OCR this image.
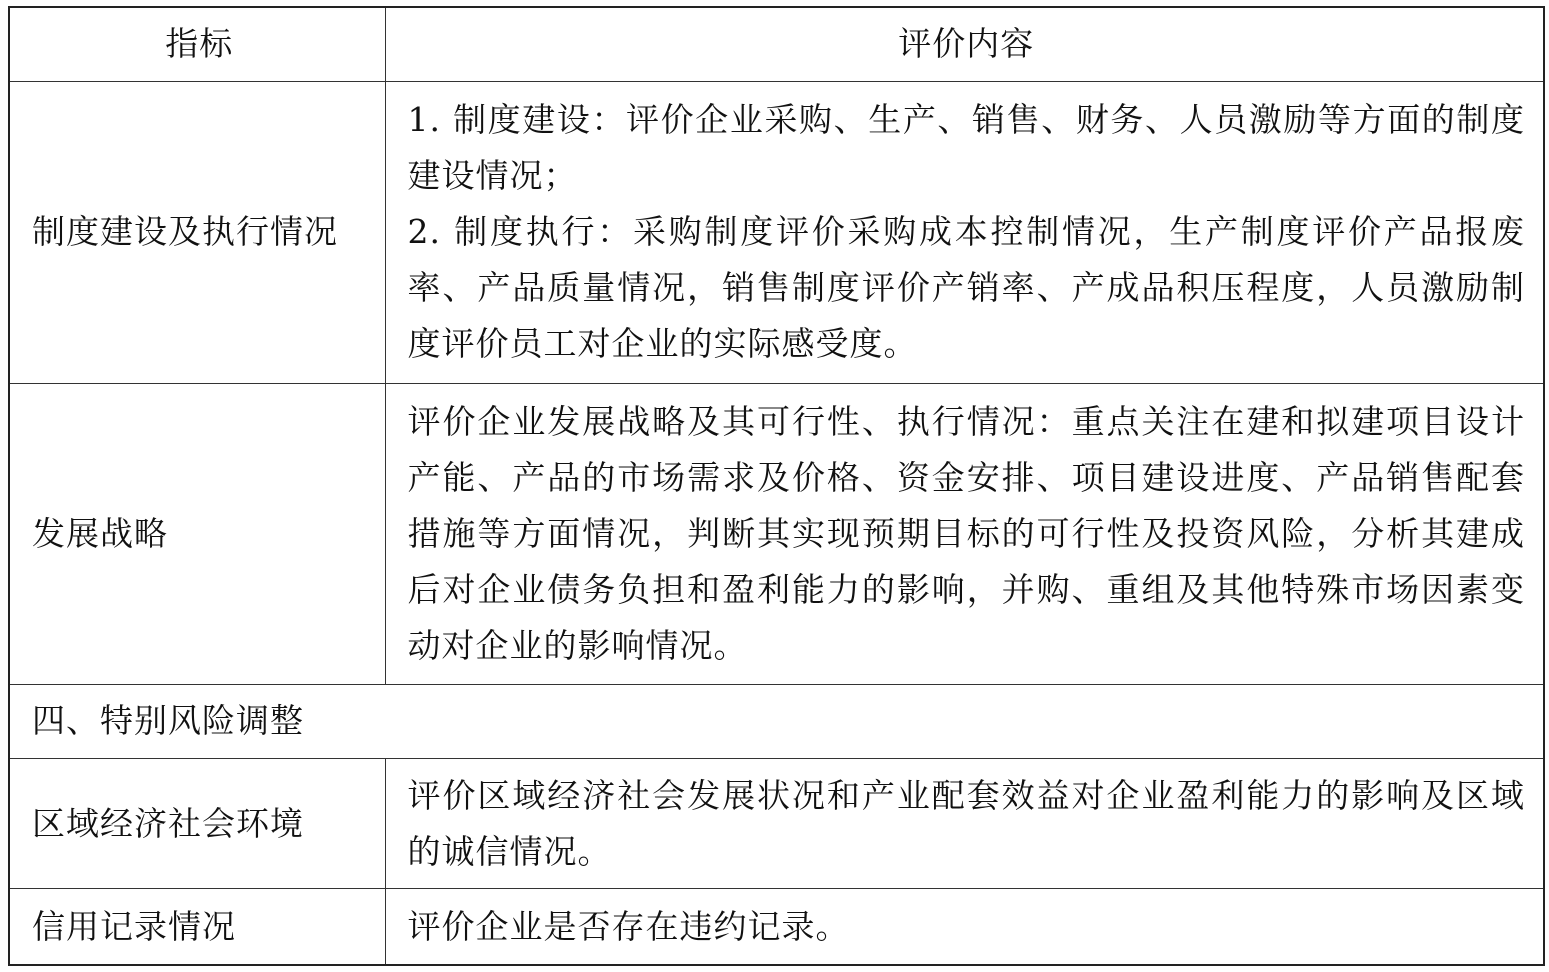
指标	评价内容
制度建设及执行情况	1. 制度建设：评价企业采购、生产、销售、财务、人员激励等方面的制度建设情况；
2. 制度执行：采购制度评价采购成本控制情况，生产制度评价产品报废率、产品质量情况，销售制度评价产销率、产成品积压程度，人员激励制度评价员工对企业的实际感受度。

发展战略	评价企业发展战略及其可行性、执行情况：重点关注在建和拟建项目设计产能、产品的市场需求及价格、资金安排、项目建设进度、产品销售配套措施等方面情况，判断其实现预期目标的可行性及投资风险，分析其建成后对企业债务负担和盈利能力的影响，并购、重组及其他特殊市场因素变动对企业的影响情况。

四、特别风险调整	
区域经济社会环境	评价区域经济社会发展状况和产业配套效益对企业盈利能力的影响及区域的诚信情况。

信用记录情况	评价企业是否存在违约记录。
